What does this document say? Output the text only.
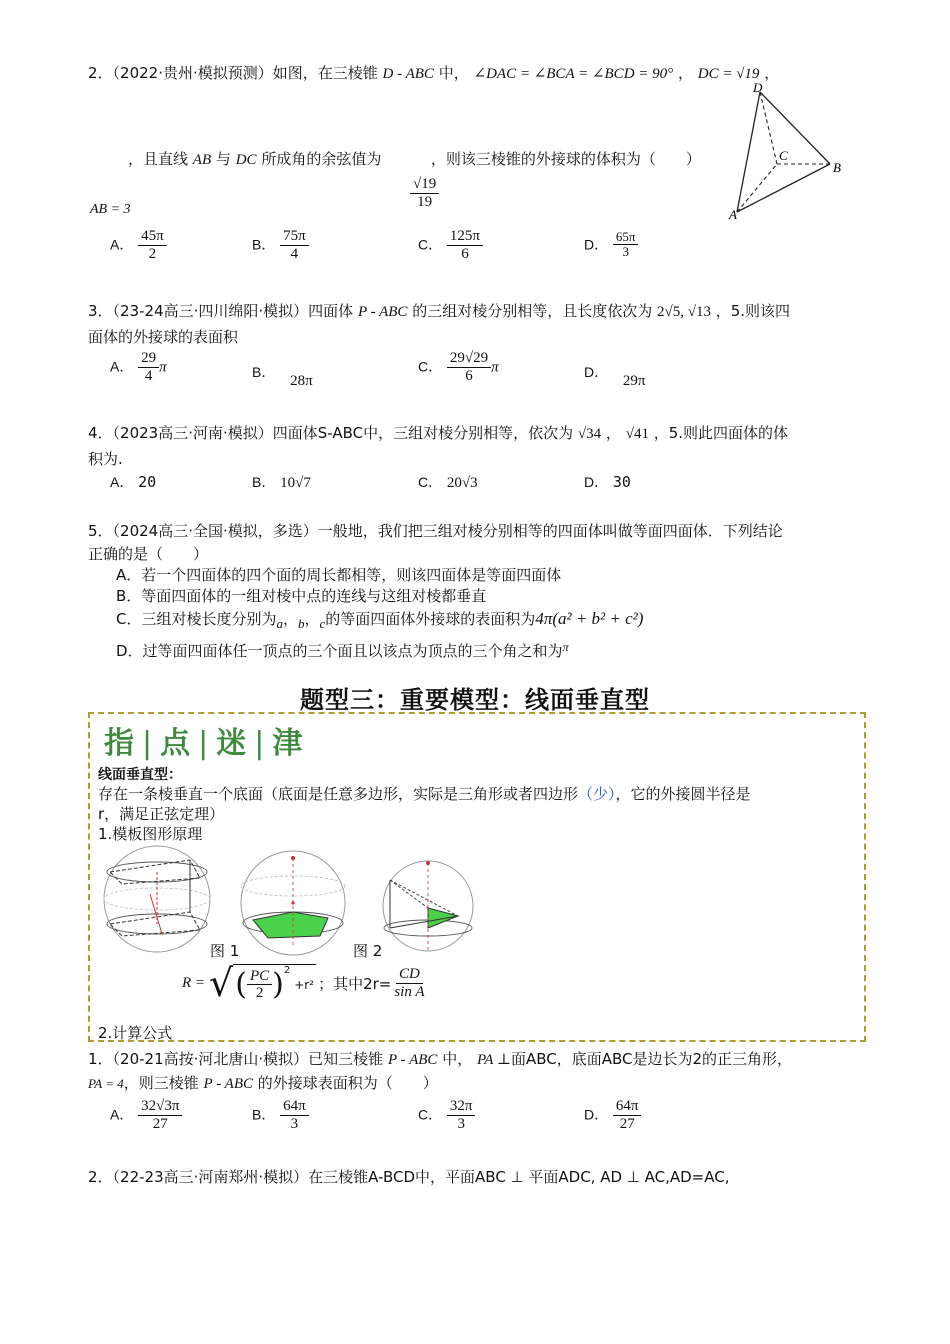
2．（2022·贵州·模拟预测）如图，在三棱锥 D - ABC 中， ∠DAC = ∠BCA = ∠BCD = 90° ， DC = √19 ，
，且直线 AB 与 DC 所成角的余弦值为	，则该三棱锥的外接球的体积为（　　）
$\frac{√19}{19}$
AB = 3
D
C
B
A
A． $\frac{45\pi}{2}$	B． $\frac{75\pi}{4}$	C． $\frac{125\pi}{6}$	D． $\frac{65\pi}{3}$
3．（23-24高三·四川绵阳·模拟）四面体 P - ABC 的三组对棱分别相等，且长度依次为 2√5, √13 ，5.则该四
面体的外接球的表面积
A． $\frac{29}{4}$ π	B． 28π
C． $\frac{29√29}{6}$ π	D． 29π
4．（2023高三·河南·模拟）四面体S-ABC中，三组对棱分别相等，依次为 √34 ， √41 ，5.则此四面体的体
积为.
A． 20	B． 10√7	C． 20√3	D． 30
5．（2024高三·全国·模拟，多选）一般地，我们把三组对棱分别相等的四面体叫做等面四面体．下列结论
正确的是（　　）
A．若一个四面体的四个面的周长都相等，则该四面体是等面四面体
B．等面四面体的一组对棱中点的连线与这组对棱都垂直
C．三组对棱长度分别为a，b，c的等面四面体外接球的表面积为4π(a² + b² + c²)
D．过等面四面体任一顶点的三个面且以该点为顶点的三个角之和为$^\pi$
题型三：重要模型：线面垂直型
指 | 点 | 迷 | 津
线面垂直型：
存在一条棱垂直一个底面（底面是任意多边形，实际是三角形或者四边形（少），它的外接圆半径是
r，满足正弦定理）
1.模板图形原理
图 1	图 2
R = √ ( $\frac{PC}{2}$ ) 2
+r² ；其中$2r= \frac{CD}{\text{sin A}}$
2.计算公式
1．（20-21高按·河北唐山·模拟）已知三棱锥 P - ABC 中， PA ⊥面ABC，底面ABC是边长为2的正三角形，
PA = 4，则三棱锥 P - ABC 的外接球表面积为（　　）
A． $\frac{32√3\pi}{27}$	B． $\frac{64\pi}{3}$	C． $\frac{32\pi}{3}$	D． $\frac{64\pi}{27}$
2．（22-23高三·河南郑州·模拟）在三棱锥A-BCD中，平面ABC ⊥ 平面ADC, AD ⊥ AC,AD=AC,
